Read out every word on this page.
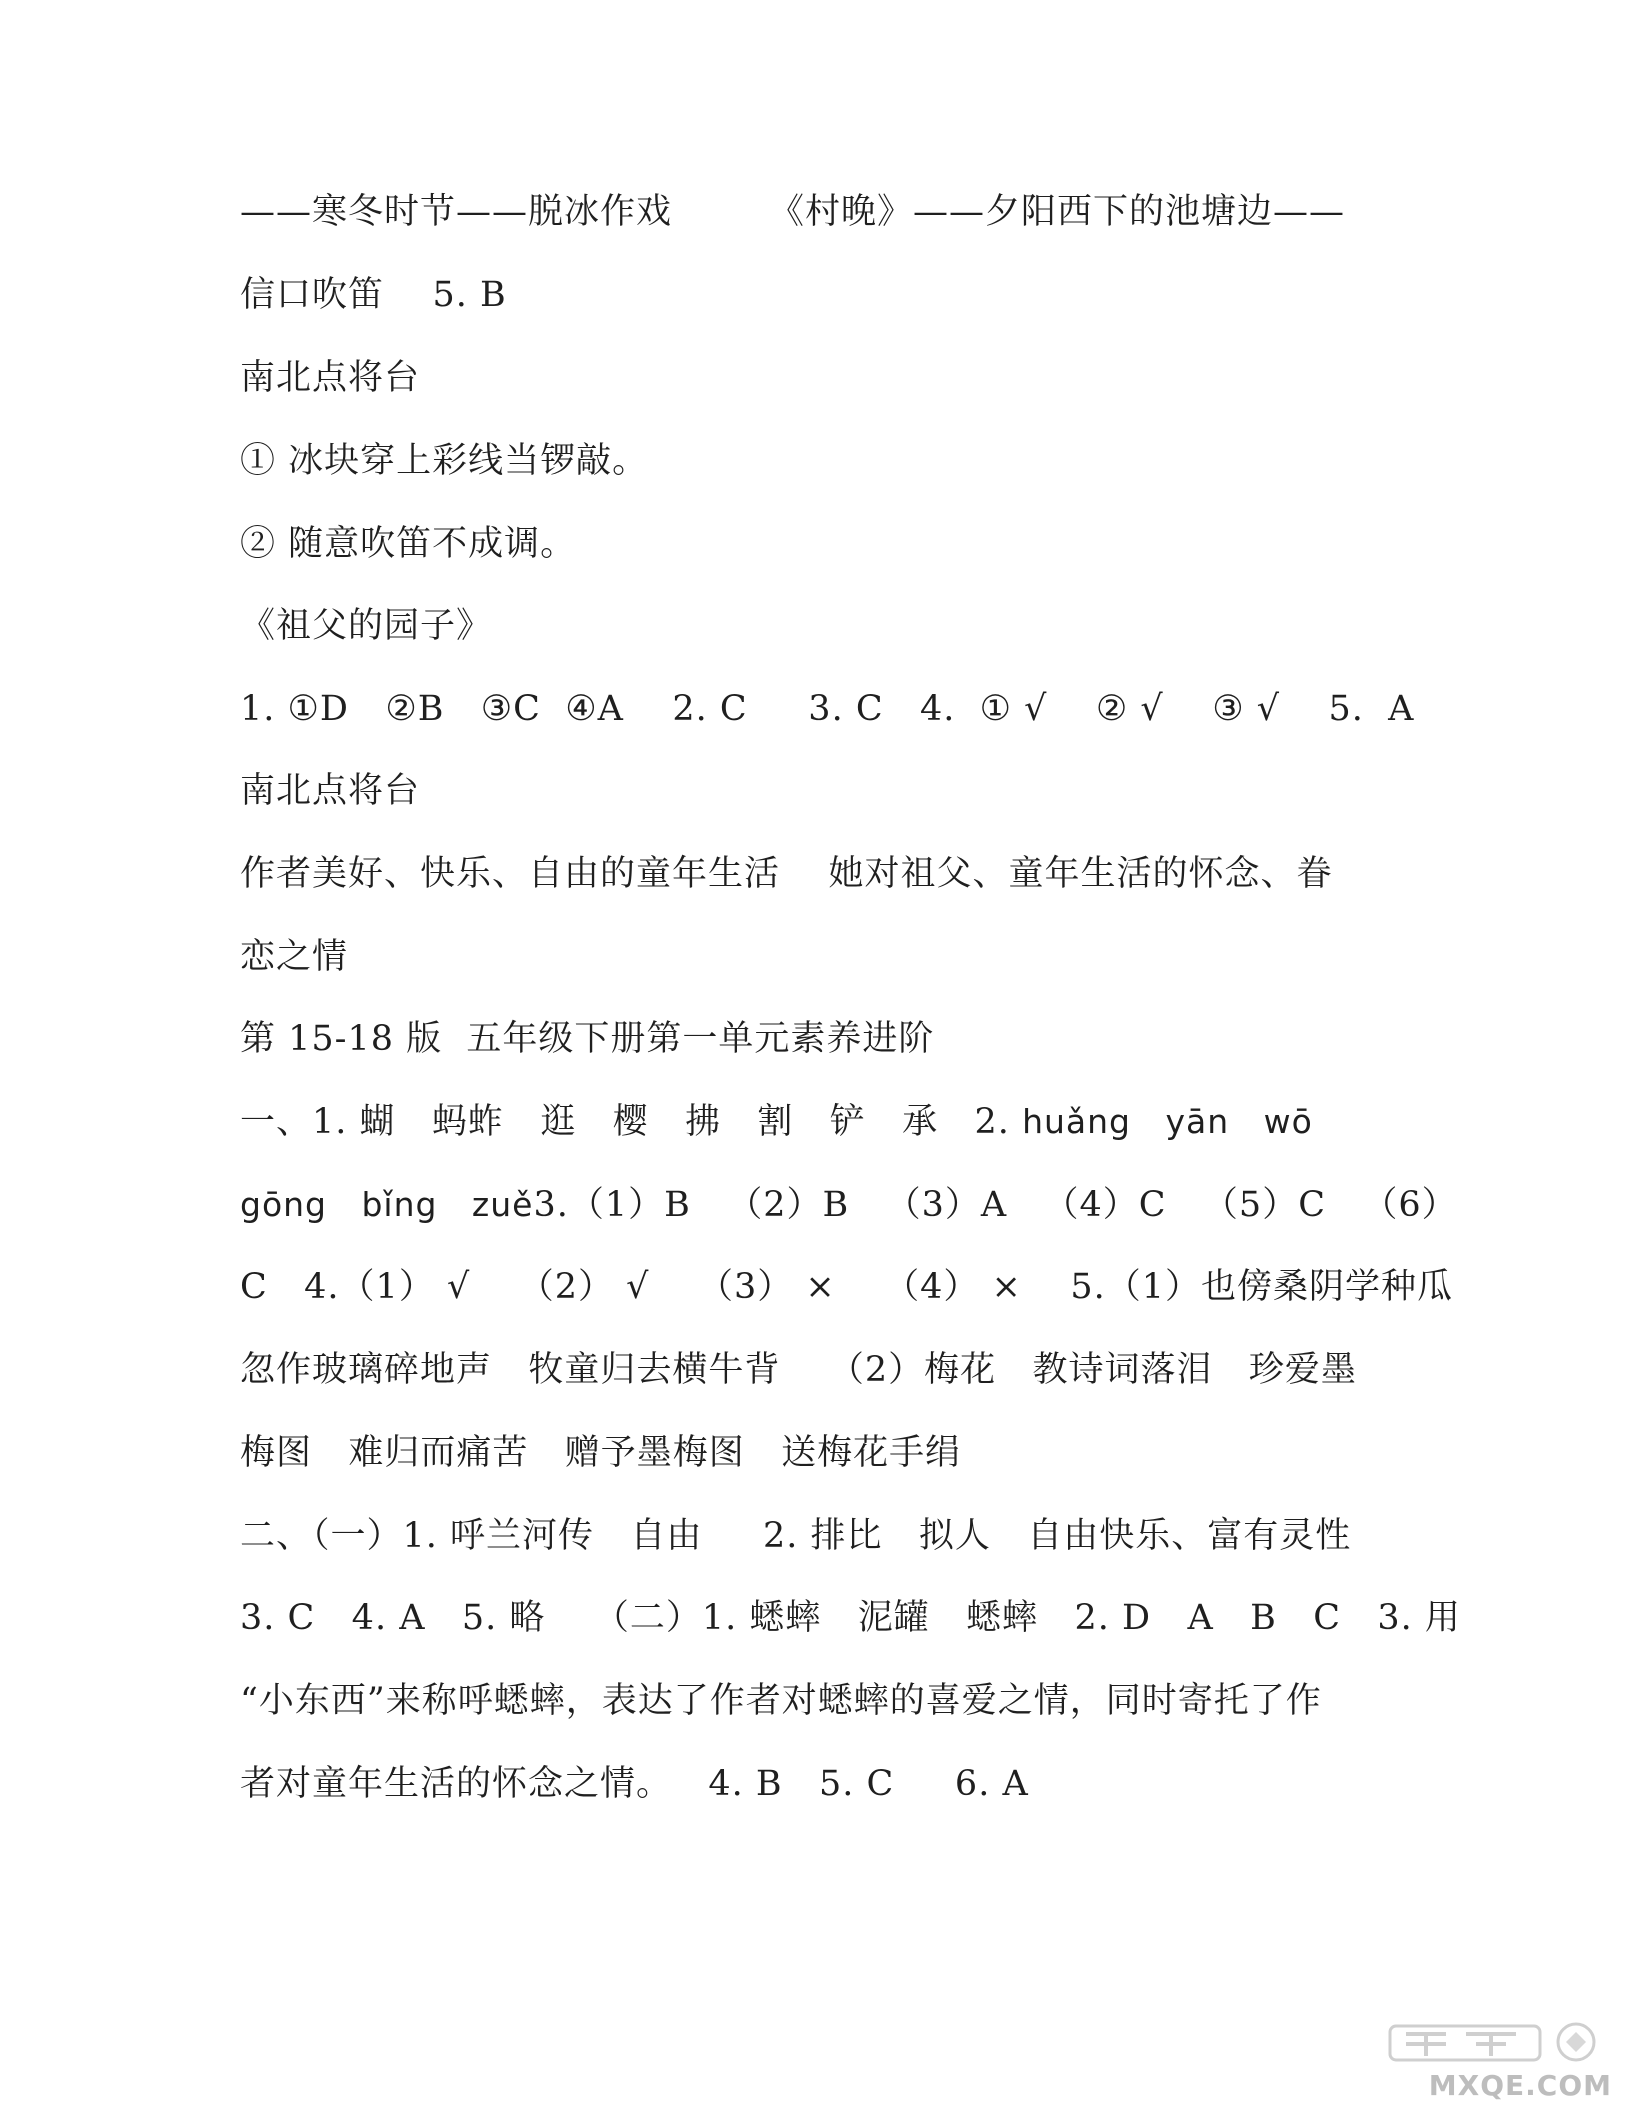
——寒冬时节——脱冰作戏        《村晚》——夕阳西下的池塘边——
信口吹笛    5. B
南北点将台
① 冰块穿上彩线当锣敲。
② 随意吹笛不成调。
《祖父的园子》
1. ①D   ②B   ③C  ④A    2. C     3. C   4.  ① √    ② √    ③ √    5.  A
南北点将台
作者美好、快乐、自由的童年生活    她对祖父、童年生活的怀念、眷
恋之情
第 15-18 版  五年级下册第一单元素养进阶
一、1. 蝴   蚂蚱   逛   樱   拂   割   铲   承   2. huǎng   yān   wō
gōng   bǐng   zuě3.（1）B   （2）B   （3）A   （4）C   （5）C   （6）
C   4.（1） √    （2） √    （3） ×    （4） ×    5.（1）也傍桑阴学种瓜
忽作玻璃碎地声   牧童归去横牛背    （2）梅花   教诗词落泪   珍爱墨
梅图   难归而痛苦   赠予墨梅图   送梅花手绢
二、（一）1. 呼兰河传   自由     2. 排比   拟人   自由快乐、富有灵性
3. C   4. A   5. 略    （二）1. 蟋蟀   泥罐   蟋蟀   2. D   A   B   C   3. 用
“小东西”来称呼蟋蟀，表达了作者对蟋蟀的喜爱之情，同时寄托了作
者对童年生活的怀念之情。   4. B   5. C     6. A
MXQE.COM
